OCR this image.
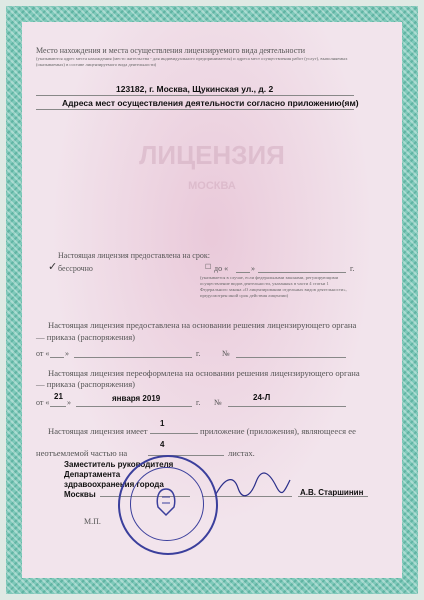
ЛИЦЕНЗИЯ
МОСКВА
Место нахождения и места осуществления лицензируемого вида деятельности
(указываются адрес места нахождения (место жительства - для индивидуального предпринимателя) и адреса мест осуществления работ (услуг), выполняемых (оказываемых) в составе лицензируемого вида деятельности)
123182, г. Москва, Щукинская ул., д. 2
Адреса мест осуществления деятельности согласно приложению(ям)
Настоящая лицензия предоставлена на срок:
✓ бессрочно	☐ до «	»	г.
(указывается в случае, если федеральными законами, регулирующими осуществление видов деятельности, указанных в части 4 статьи 1 Федерального закона «О лицензировании отдельных видов деятельности», предусмотрен иной срок действия лицензии)
Настоящая лицензия предоставлена на основании решения лицензирующего органа
— приказа (распоряжения)
от « »	г.	№
Настоящая лицензия переоформлена на основании решения лицензирующего органа
— приказа (распоряжения)
от «
21
»	января 2019	г. №
24-Л
Настоящая лицензия имеет
1
приложение (приложения), являющееся ее
неотъемлемой частью на
4
листах.
Заместитель руководителя
Департамента
здравоохранения города
Москвы	А.В. Старшинин
М.П.
